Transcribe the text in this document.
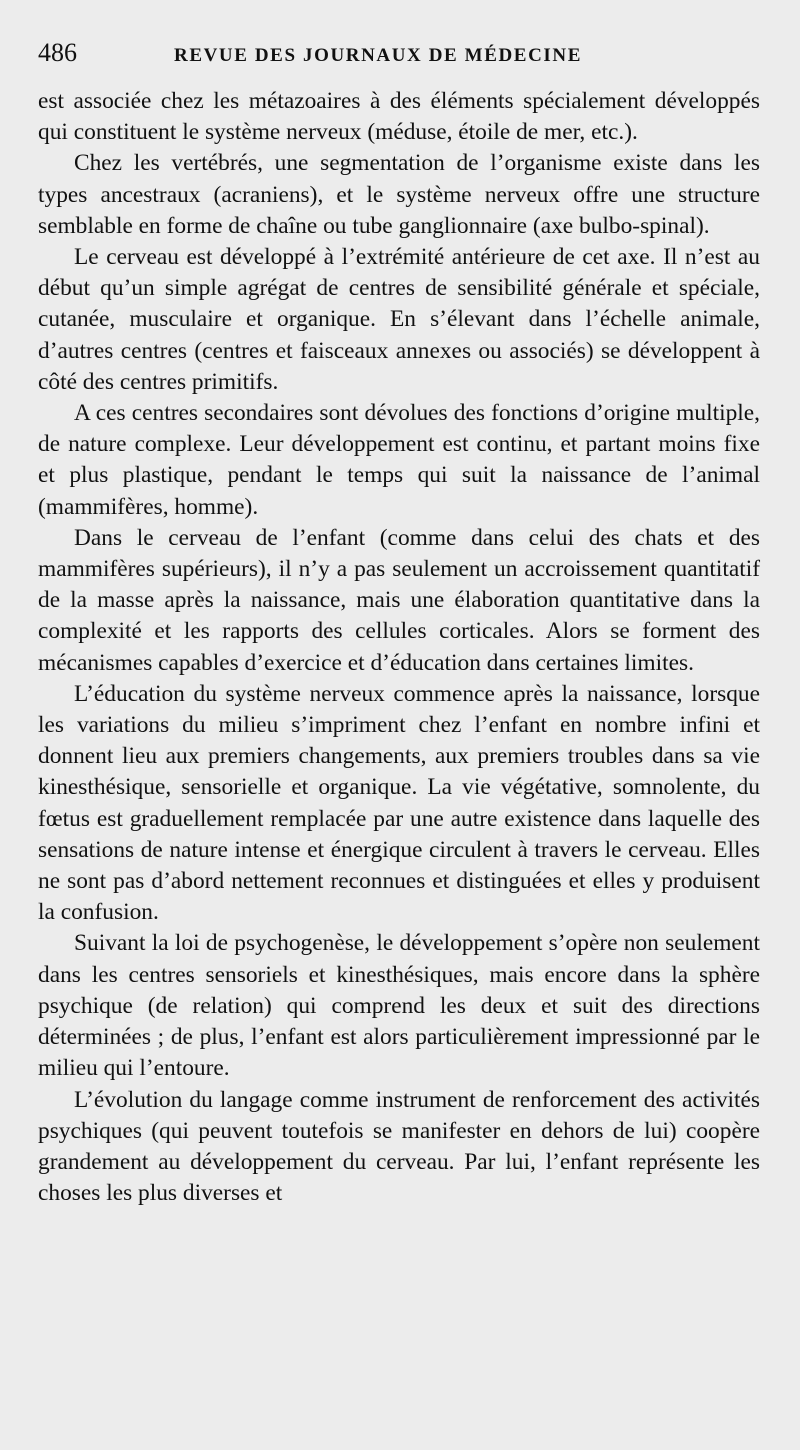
486	REVUE DES JOURNAUX DE MÉDECINE

est associée chez les métazoaires à des éléments spécialement développés qui constituent le système nerveux (méduse, étoile de mer, etc.).

Chez les vertébrés, une segmentation de l’organisme existe dans les types ancestraux (acraniens), et le système nerveux offre une structure semblable en forme de chaîne ou tube ganglionnaire (axe bulbo-spinal).

Le cerveau est développé à l’extrémité antérieure de cet axe. Il n’est au début qu’un simple agrégat de centres de sensibilité générale et spéciale, cutanée, musculaire et organique. En s’élevant dans l’échelle animale, d’autres centres (centres et faisceaux annexes ou associés) se développent à côté des centres primitifs.

A ces centres secondaires sont dévolues des fonctions d’origine multiple, de nature complexe. Leur développement est continu, et partant moins fixe et plus plastique, pendant le temps qui suit la naissance de l’animal (mammifères, homme).

Dans le cerveau de l’enfant (comme dans celui des chats et des mammifères supérieurs), il n’y a pas seulement un accroissement quantitatif de la masse après la naissance, mais une élaboration quantitative dans la complexité et les rapports des cellules corticales. Alors se forment des mécanismes capables d’exercice et d’éducation dans certaines limites.

L’éducation du système nerveux commence après la naissance, lorsque les variations du milieu s’impriment chez l’enfant en nombre infini et donnent lieu aux premiers changements, aux premiers troubles dans sa vie kinesthésique, sensorielle et organique. La vie végétative, somnolente, du fœtus est graduellement remplacée par une autre existence dans laquelle des sensations de nature intense et énergique circulent à travers le cerveau. Elles ne sont pas d’abord nettement reconnues et distinguées et elles y produisent la confusion.

Suivant la loi de psychogenèse, le développement s’opère non seulement dans les centres sensoriels et kinesthésiques, mais encore dans la sphère psychique (de relation) qui comprend les deux et suit des directions déterminées ; de plus, l’enfant est alors particulièrement impressionné par le milieu qui l’entoure.

L’évolution du langage comme instrument de renforcement des activités psychiques (qui peuvent toutefois se manifester en dehors de lui) coopère grandement au développement du cerveau. Par lui, l’enfant représente les choses les plus diverses et
